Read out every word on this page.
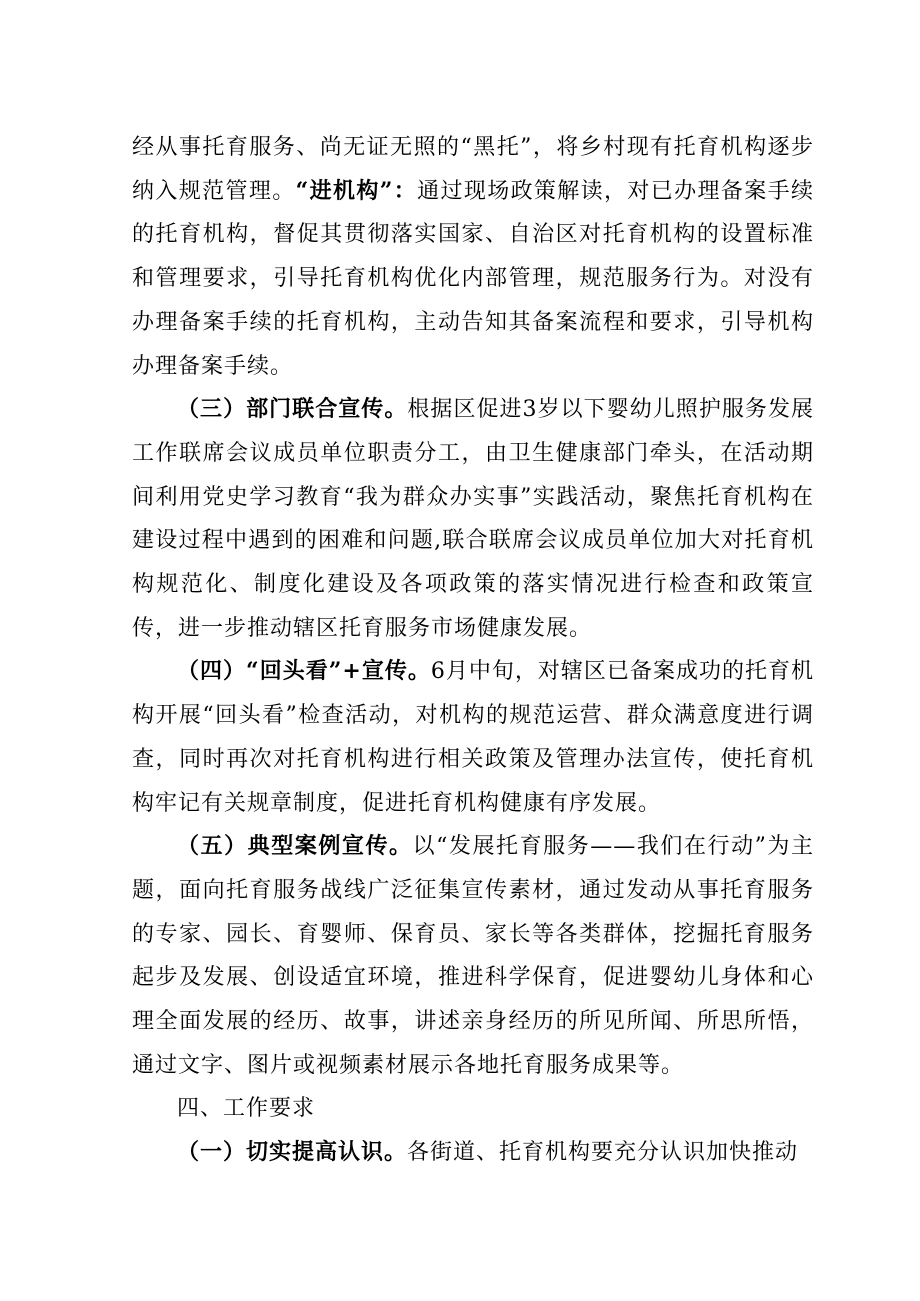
经从事托育服务、尚无证无照的“黑托”，将乡村现有托育机构逐步纳入规范管理。“进机构”：通过现场政策解读，对已办理备案手续的托育机构，督促其贯彻落实国家、自治区对托育机构的设置标准和管理要求，引导托育机构优化内部管理，规范服务行为。对没有办理备案手续的托育机构，主动告知其备案流程和要求，引导机构办理备案手续。

（三）部门联合宣传。根据区促进3岁以下婴幼儿照护服务发展工作联席会议成员单位职责分工，由卫生健康部门牵头，在活动期间利用党史学习教育“我为群众办实事”实践活动，聚焦托育机构在建设过程中遇到的困难和问题,联合联席会议成员单位加大对托育机构规范化、制度化建设及各项政策的落实情况进行检查和政策宣传，进一步推动辖区托育服务市场健康发展。

（四）“回头看”+宣传。6月中旬，对辖区已备案成功的托育机构开展“回头看”检查活动，对机构的规范运营、群众满意度进行调查，同时再次对托育机构进行相关政策及管理办法宣传，使托育机构牢记有关规章制度，促进托育机构健康有序发展。

（五）典型案例宣传。以“发展托育服务——我们在行动”为主题，面向托育服务战线广泛征集宣传素材，通过发动从事托育服务的专家、园长、育婴师、保育员、家长等各类群体，挖掘托育服务起步及发展、创设适宜环境，推进科学保育，促进婴幼儿身体和心理全面发展的经历、故事，讲述亲身经历的所见所闻、所思所悟，通过文字、图片或视频素材展示各地托育服务成果等。

四、工作要求

（一）切实提高认识。各街道、托育机构要充分认识加快推动
